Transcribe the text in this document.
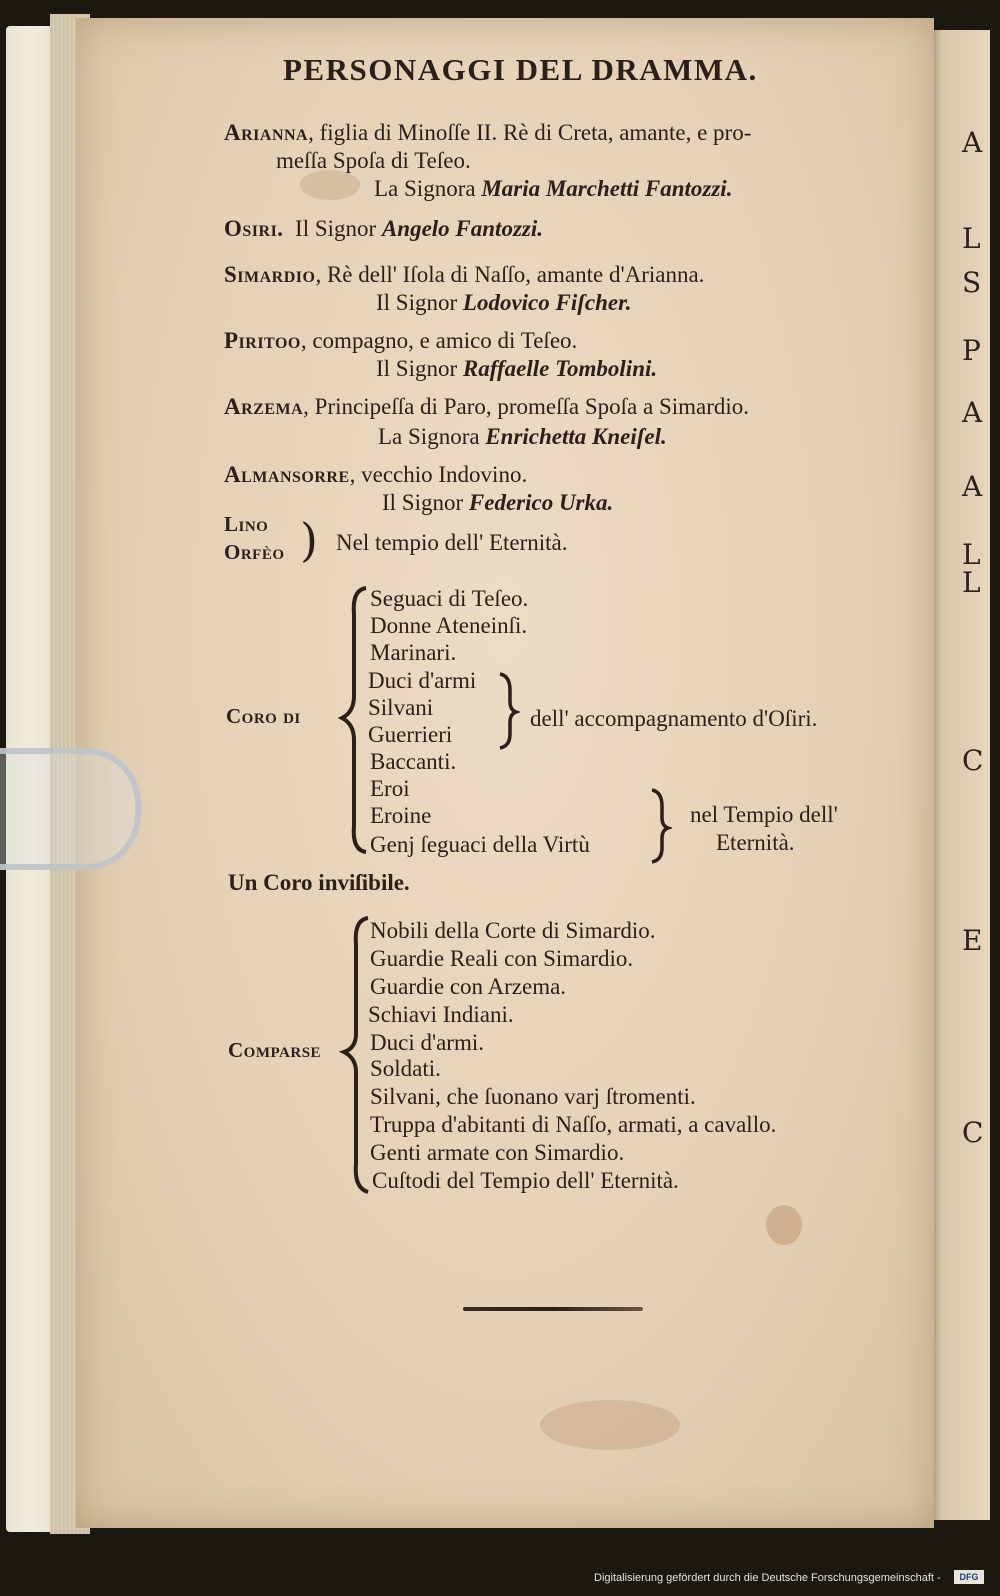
A
L
S
P
A
A
L
L
C
E
C
PERSONAGGI DEL DRAMMA.
Arianna, figlia di Minoſſe II. Rè di Creta, amante, e pro-
meſſa Spoſa di Teſeo.
La Signora Maria Marchetti Fantozzi.
Osiri. Il Signor Angelo Fantozzi.
Simardio, Rè dell' Iſola di Naſſo, amante d'Arianna.
Il Signor Lodovico Fiſcher.
Piritoo, compagno, e amico di Teſeo.
Il Signor Raffaelle Tombolini.
Arzema, Principeſſa di Paro, promeſſa Spoſa a Simardio.
La Signora Enrichetta Kneiſel.
Almansorre, vecchio Indovino.
Il Signor Federico Urka.
Lino
Orfèo ) Nel tempio dell' Eternità.
Coro di
Seguaci di Teſeo.
Donne Ateneinſi.
Marinari.
Duci d'armi
Silvani
Guerrieri
Baccanti.
Eroi
Eroine
Genj ſeguaci della Virtù
dell' accompagnamento d'Oſiri.
nel Tempio dell'
Eternità.
Un Coro inviſibile.
Comparse
Nobili della Corte di Simardio.
Guardie Reali con Simardio.
Guardie con Arzema.
Schiavi Indiani.
Duci d'armi.
Soldati.
Silvani, che ſuonano varj ſtromenti.
Truppa d'abitanti di Naſſo, armati, a cavallo.
Genti armate con Simardio.
Cuſtodi del Tempio dell' Eternità.
Digitalisierung gefördert durch die Deutsche Forschungsgemeinschaft -	DFG
